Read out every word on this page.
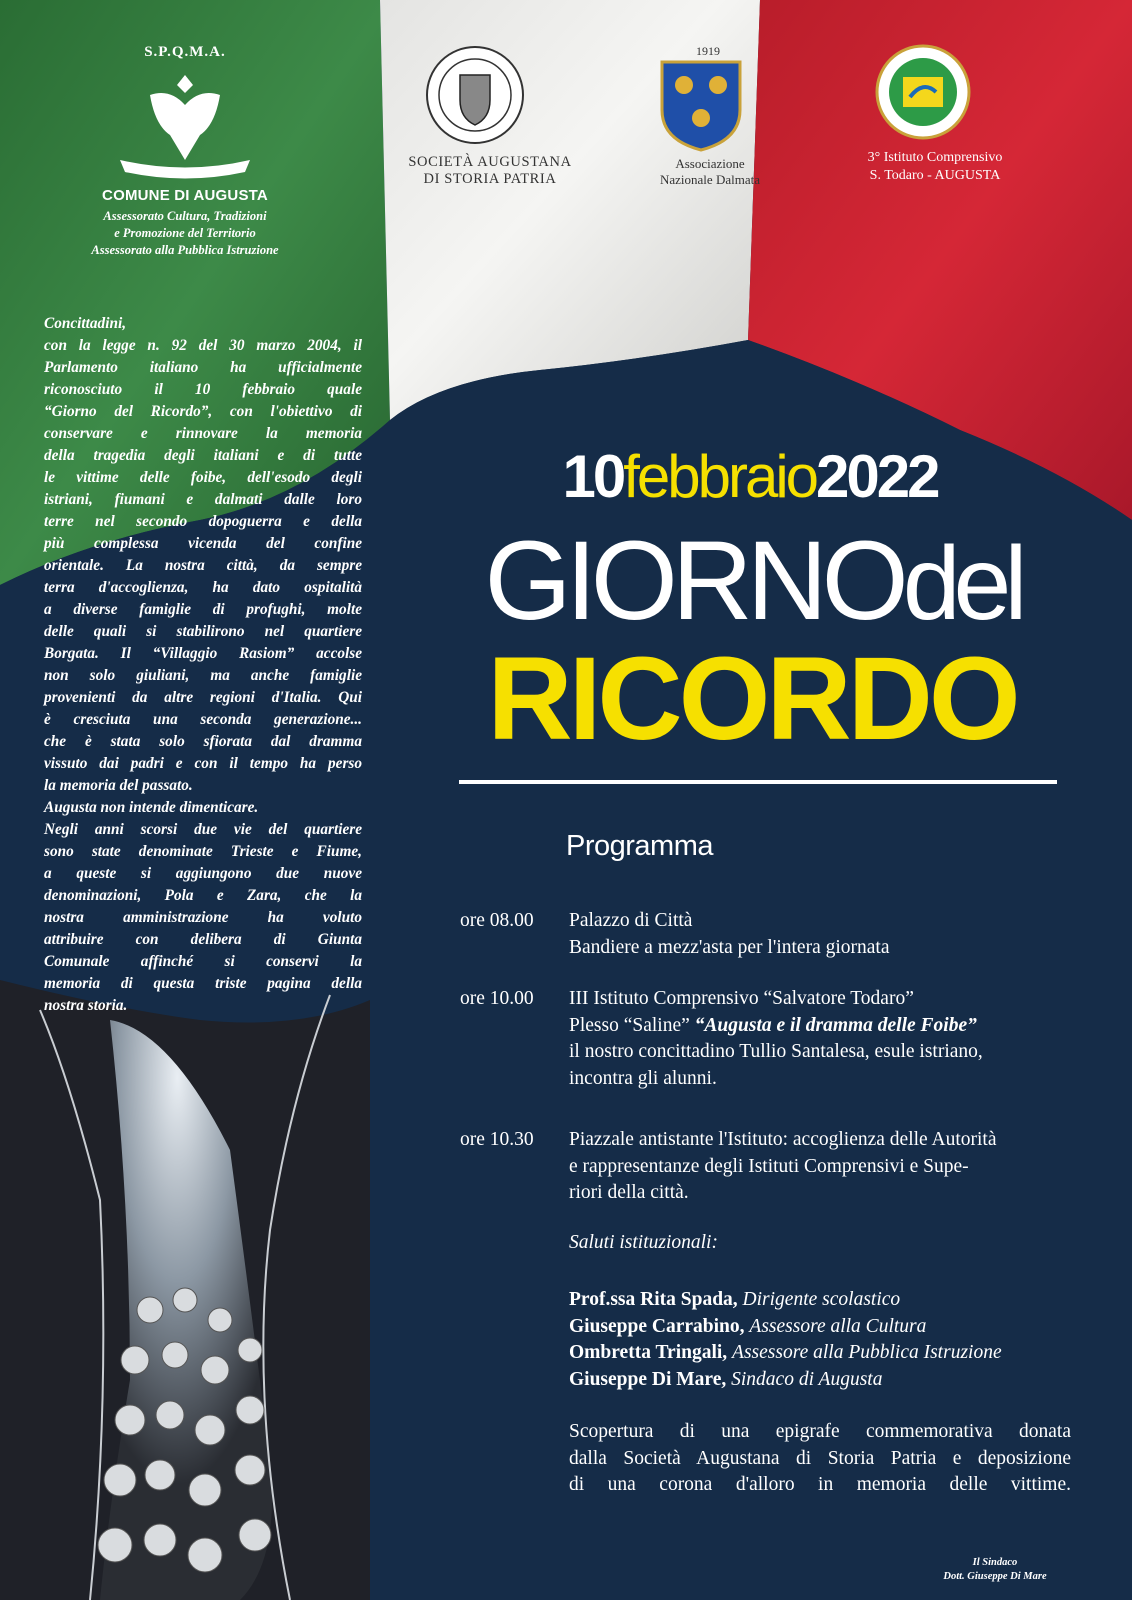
S.P.Q.M.A.
COMUNE DI AUGUSTA
Assessorato Cultura, Tradizioni
e Promozione del Territorio
Assessorato alla Pubblica Istruzione
SOCIETÀ AUGUSTANA
DI STORIA PATRIA
1919
Associazione
Nazionale Dalmata
3° Istituto Comprensivo
S. Todaro - AUGUSTA

Concittadini,

con la legge n. 92 del 30 marzo 2004, il

Parlamento italiano ha ufficialmente

riconosciuto il 10 febbraio quale

“Giorno del Ricordo”, con l'obiettivo di

conservare e rinnovare la memoria

della tragedia degli italiani e di tutte

le vittime delle foibe, dell'esodo degli

istriani, fiumani e dalmati dalle loro

terre nel secondo dopoguerra e della

più complessa vicenda del confine

orientale. La nostra città, da sempre

terra d'accoglienza, ha dato ospitalità

a diverse famiglie di profughi, molte

delle quali si stabilirono nel quartiere

Borgata. Il “Villaggio Rasiom” accolse

non solo giuliani, ma anche famiglie

provenienti da altre regioni d'Italia. Qui

è cresciuta una seconda generazione...

che è stata solo sfiorata dal dramma

vissuto dai padri e con il tempo ha perso

la memoria del passato.

Augusta non intende dimenticare.

Negli anni scorsi due vie del quartiere

sono state denominate Trieste e Fiume,

a queste si aggiungono due nuove

denominazioni, Pola e Zara, che la

nostra amministrazione ha voluto

attribuire con delibera di Giunta

Comunale affinché si conservi la

memoria di questa triste pagina della

nostra storia.

10febbraio2022
GIORNOdel
RICORDO
Programma
ore 08.00	Palazzo di Città
Bandiere a mezz'asta per l'intera giornata
ore 10.00	III Istituto Comprensivo “Salvatore Todaro”
Plesso “Saline” “Augusta e il dramma delle Foibe”
il nostro concittadino Tullio Santalesa, esule istriano,
incontra gli alunni.
ore 10.30	Piazzale antistante l'Istituto: accoglienza delle Autorità
e rappresentanze degli Istituti Comprensivi e Supe-
riori della città.
Saluti istituzionali:
Prof.ssa Rita Spada, Dirigente scolastico
Giuseppe Carrabino, Assessore alla Cultura
Ombretta Tringali, Assessore alla Pubblica Istruzione
Giuseppe Di Mare, Sindaco di Augusta
Scopertura di una epigrafe commemorativa donata
dalla Società Augustana di Storia Patria e deposizione
di una corona d'alloro in memoria delle vittime.
Il Sindaco
Dott. Giuseppe Di Mare
